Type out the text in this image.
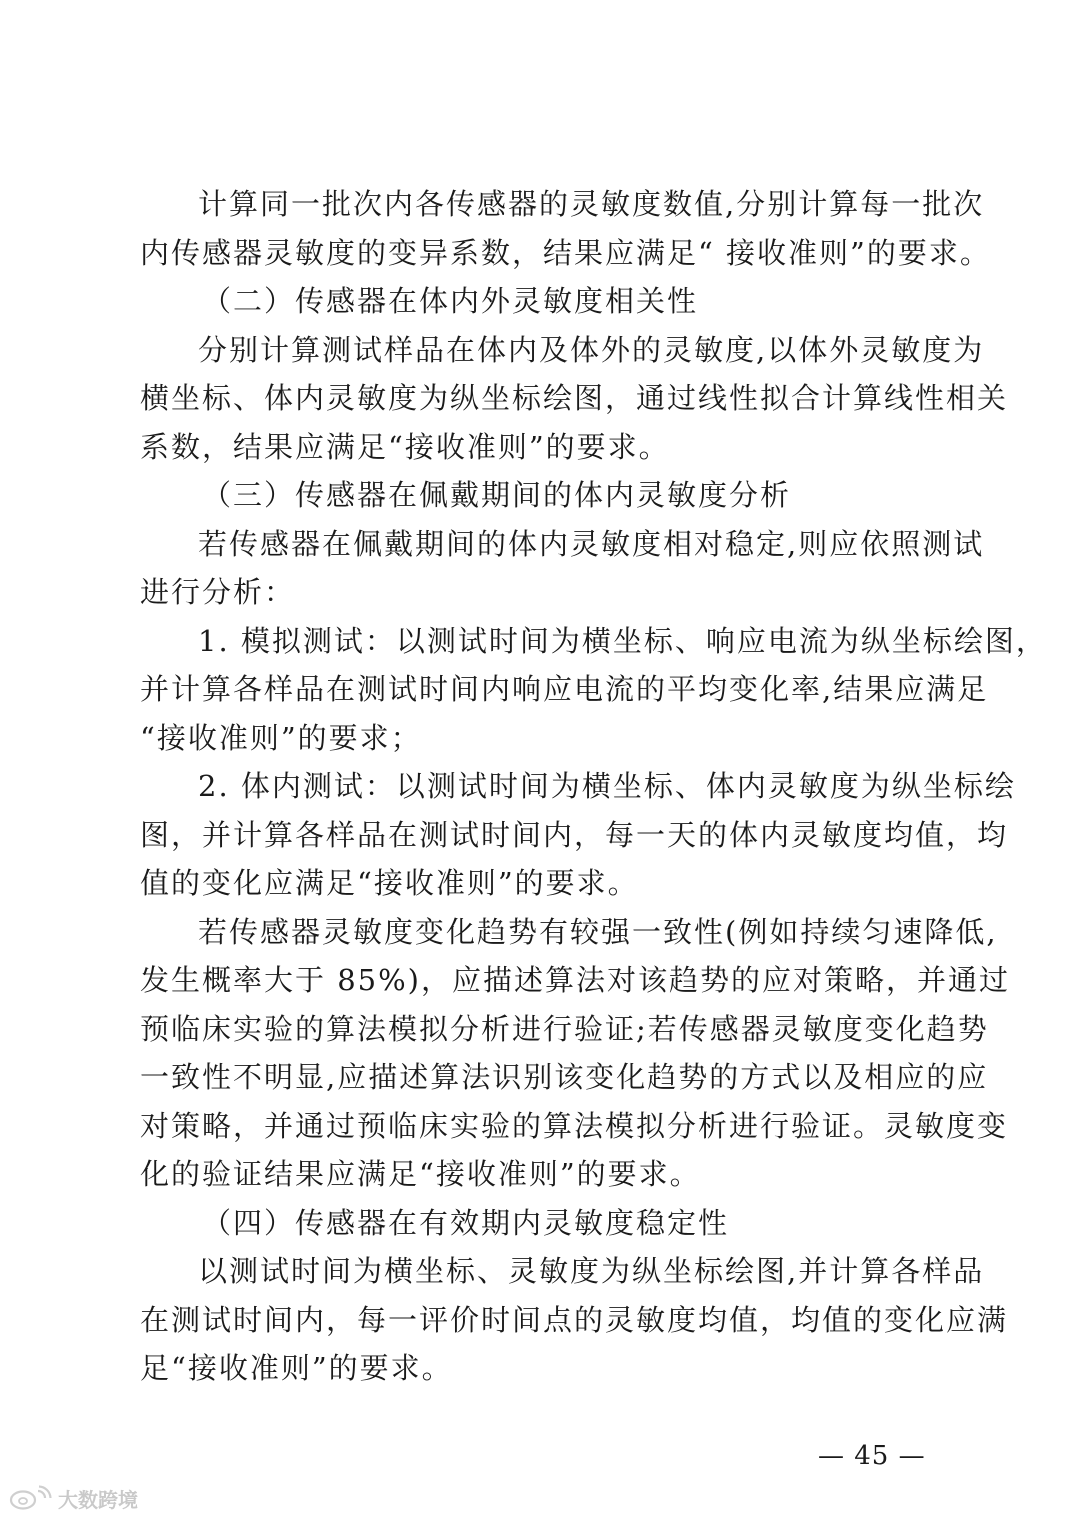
计算同一批次内各传感器的灵敏度数值,分别计算每一批次
内传感器灵敏度的变异系数，结果应满足“ 接收准则”的要求。
（二）传感器在体内外灵敏度相关性
分别计算测试样品在体内及体外的灵敏度,以体外灵敏度为
横坐标、体内灵敏度为纵坐标绘图，通过线性拟合计算线性相关
系数，结果应满足“接收准则”的要求。
（三）传感器在佩戴期间的体内灵敏度分析
若传感器在佩戴期间的体内灵敏度相对稳定,则应依照测试
进行分析：
1. 模拟测试：以测试时间为横坐标、响应电流为纵坐标绘图，
并计算各样品在测试时间内响应电流的平均变化率,结果应满足
“接收准则”的要求；
2. 体内测试：以测试时间为横坐标、体内灵敏度为纵坐标绘
图，并计算各样品在测试时间内，每一天的体内灵敏度均值，均
值的变化应满足“接收准则”的要求。
若传感器灵敏度变化趋势有较强一致性(例如持续匀速降低,
发生概率大于 85%)，应描述算法对该趋势的应对策略，并通过
预临床实验的算法模拟分析进行验证;若传感器灵敏度变化趋势
一致性不明显,应描述算法识别该变化趋势的方式以及相应的应
对策略，并通过预临床实验的算法模拟分析进行验证。灵敏度变
化的验证结果应满足“接收准则”的要求。
（四）传感器在有效期内灵敏度稳定性
以测试时间为横坐标、灵敏度为纵坐标绘图,并计算各样品
在测试时间内，每一评价时间点的灵敏度均值，均值的变化应满
足“接收准则”的要求。
— 45 —
大数跨境
